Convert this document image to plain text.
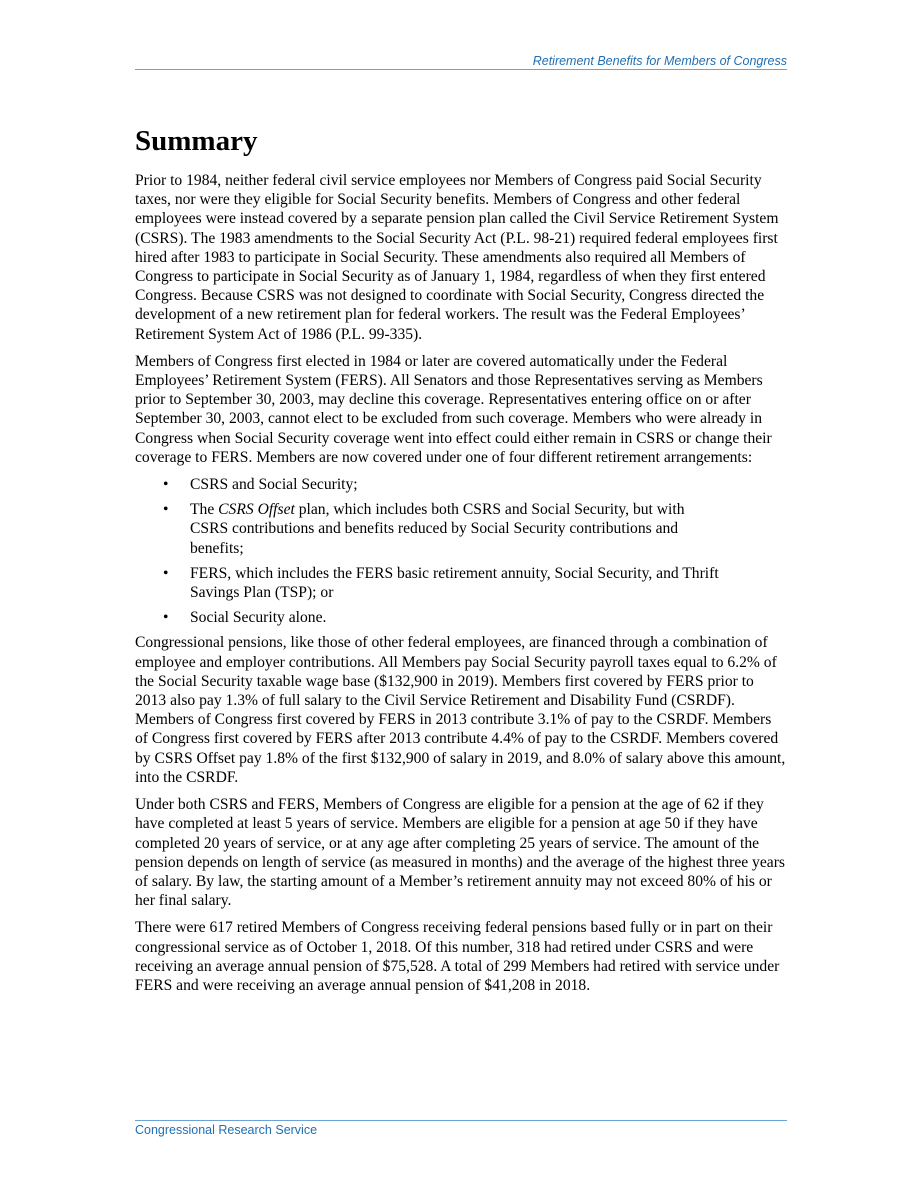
Retirement Benefits for Members of Congress
Summary

Prior to 1984, neither federal civil service employees nor Members of Congress paid Social Security taxes, nor were they eligible for Social Security benefits. Members of Congress and other federal employees were instead covered by a separate pension plan called the Civil Service Retirement System (CSRS). The 1983 amendments to the Social Security Act (P.L. 98-21) required federal employees first hired after 1983 to participate in Social Security. These amendments also required all Members of Congress to participate in Social Security as of January 1, 1984, regardless of when they first entered Congress. Because CSRS was not designed to coordinate with Social Security, Congress directed the development of a new retirement plan for federal workers. The result was the Federal Employees’ Retirement System Act of 1986 (P.L. 99-335).

Members of Congress first elected in 1984 or later are covered automatically under the Federal Employees’ Retirement System (FERS). All Senators and those Representatives serving as Members prior to September 30, 2003, may decline this coverage. Representatives entering office on or after September 30, 2003, cannot elect to be excluded from such coverage. Members who were already in Congress when Social Security coverage went into effect could either remain in CSRS or change their coverage to FERS. Members are now covered under one of four different retirement arrangements:

• CSRS and Social Security;
• The CSRS Offset plan, which includes both CSRS and Social Security, but with CSRS contributions and benefits reduced by Social Security contributions and benefits;
• FERS, which includes the FERS basic retirement annuity, Social Security, and Thrift Savings Plan (TSP); or
• Social Security alone.

Congressional pensions, like those of other federal employees, are financed through a combination of employee and employer contributions. All Members pay Social Security payroll taxes equal to 6.2% of the Social Security taxable wage base ($132,900 in 2019). Members first covered by FERS prior to 2013 also pay 1.3% of full salary to the Civil Service Retirement and Disability Fund (CSRDF). Members of Congress first covered by FERS in 2013 contribute 3.1% of pay to the CSRDF. Members of Congress first covered by FERS after 2013 contribute 4.4% of pay to the CSRDF. Members covered by CSRS Offset pay 1.8% of the first $132,900 of salary in 2019, and 8.0% of salary above this amount, into the CSRDF.

Under both CSRS and FERS, Members of Congress are eligible for a pension at the age of 62 if they have completed at least 5 years of service. Members are eligible for a pension at age 50 if they have completed 20 years of service, or at any age after completing 25 years of service. The amount of the pension depends on length of service (as measured in months) and the average of the highest three years of salary. By law, the starting amount of a Member’s retirement annuity may not exceed 80% of his or her final salary.

There were 617 retired Members of Congress receiving federal pensions based fully or in part on their congressional service as of October 1, 2018. Of this number, 318 had retired under CSRS and were receiving an average annual pension of $75,528. A total of 299 Members had retired with service under FERS and were receiving an average annual pension of $41,208 in 2018.

Congressional Research Service
